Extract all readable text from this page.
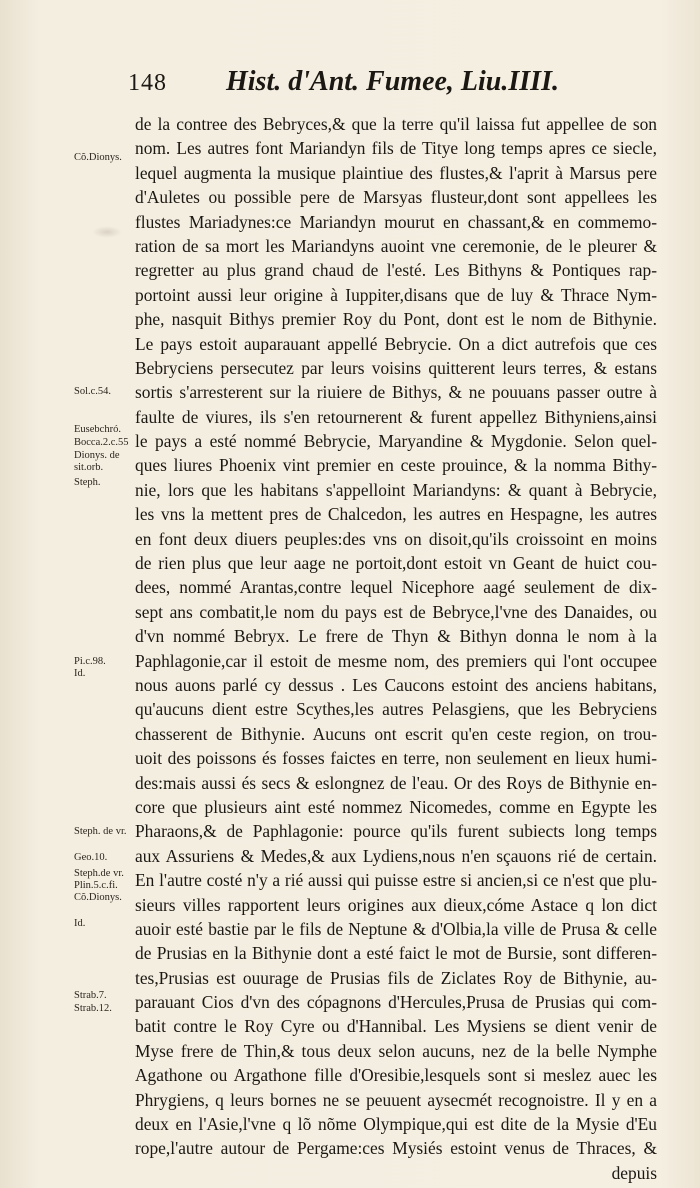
148 Hist. d'Ant. Fumee, Liu.IIII.
de la contree des Bebryces,& que la terre qu'il laissa fut appellee de son
nom. Les autres font Mariandyn fils de Titye long temps apres ce siecle,
lequel augmenta la musique plaintiue des flustes,& l'aprit à Marsus pere
d'Auletes ou possible pere de Marsyas flusteur,dont sont appellees les
flustes Mariadynes:ce Mariandyn mourut en chassant,& en commemo-
ration de sa mort les Mariandyns auoint vne ceremonie, de le pleurer &
regretter au plus grand chaud de l'esté. Les Bithyns & Pontiques rap-
portoint aussi leur origine à Iuppiter,disans que de luy & Thrace Nym-
phe, nasquit Bithys premier Roy du Pont, dont est le nom de Bithynie.
Le pays estoit auparauant appellé Bebrycie. On a dict autrefois que ces
Bebryciens persecutez par leurs voisins quitterent leurs terres, & estans
sortis s'arresterent sur la riuiere de Bithys, & ne pouuans passer outre à
faulte de viures, ils s'en retournerent & furent appellez Bithyniens,ainsi
le pays a esté nommé Bebrycie, Maryandine & Mygdonie. Selon quel-
ques liures Phoenix vint premier en ceste prouince, & la nomma Bithy-
nie, lors que les habitans s'appelloint Mariandyns: & quant à Bebrycie,
les vns la mettent pres de Chalcedon, les autres en Hespagne, les autres
en font deux diuers peuples:des vns on disoit,qu'ils croissoint en moins
de rien plus que leur aage ne portoit,dont estoit vn Geant de huict cou-
dees, nommé Arantas,contre lequel Nicephore aagé seulement de dix-
sept ans combatit,le nom du pays est de Bebryce,l'vne des Danaides, ou
d'vn nommé Bebryx. Le frere de Thyn & Bithyn donna le nom à la
Paphlagonie,car il estoit de mesme nom, des premiers qui l'ont occupee
nous auons parlé cy dessus . Les Caucons estoint des anciens habitans,
qu'aucuns dient estre Scythes,les autres Pelasgiens, que les Bebryciens
chasserent de Bithynie. Aucuns ont escrit qu'en ceste region, on trou-
uoit des poissons és fosses faictes en terre, non seulement en lieux humi-
des:mais aussi és secs & eslongnez de l'eau. Or des Roys de Bithynie en-
core que plusieurs aint esté nommez Nicomedes, comme en Egypte les
Pharaons,& de Paphlagonie: pource qu'ils furent subiects long temps
aux Assuriens & Medes,& aux Lydiens,nous n'en sçauons rié de certain.
En l'autre costé n'y a rié aussi qui puisse estre si ancien,si ce n'est que plu-
sieurs villes rapportent leurs origines aux dieux,cóme Astace q lon dict
auoir esté bastie par le fils de Neptune & d'Olbia,la ville de Prusa & celle
de Prusias en la Bithynie dont a esté faict le mot de Bursie, sont differen-
tes,Prusias est ouurage de Prusias fils de Ziclates Roy de Bithynie, au-
parauant Cios d'vn des cópagnons d'Hercules,Prusa de Prusias qui com-
batit contre le Roy Cyre ou d'Hannibal. Les Mysiens se dient venir de
Myse frere de Thin,& tous deux selon aucuns, nez de la belle Nymphe
Agathone ou Argathone fille d'Oresibie,lesquels sont si meslez auec les
Phrygiens, q leurs bornes ne se peuuent aysecmét recognoistre. Il y en a
deux en l'Asie,l'vne q lõ nõme Olympique,qui est dite de la Mysie d'Eu
rope,l'autre autour de Pergame:ces Mysiés estoint venus de Thraces, &
depuis
Cõ.Dionys.
Sol.c.54.
Eusebchró.
Bocca.2.c.55
Dionys. de
sit.orb.
Steph.
Pi.c.98.
Id.
Steph. de vr.
Geo.10.
Steph.de vr.
Plin.5.c.fi.
Cõ.Dionys.
Id.
Strab.7.
Strab.12.
